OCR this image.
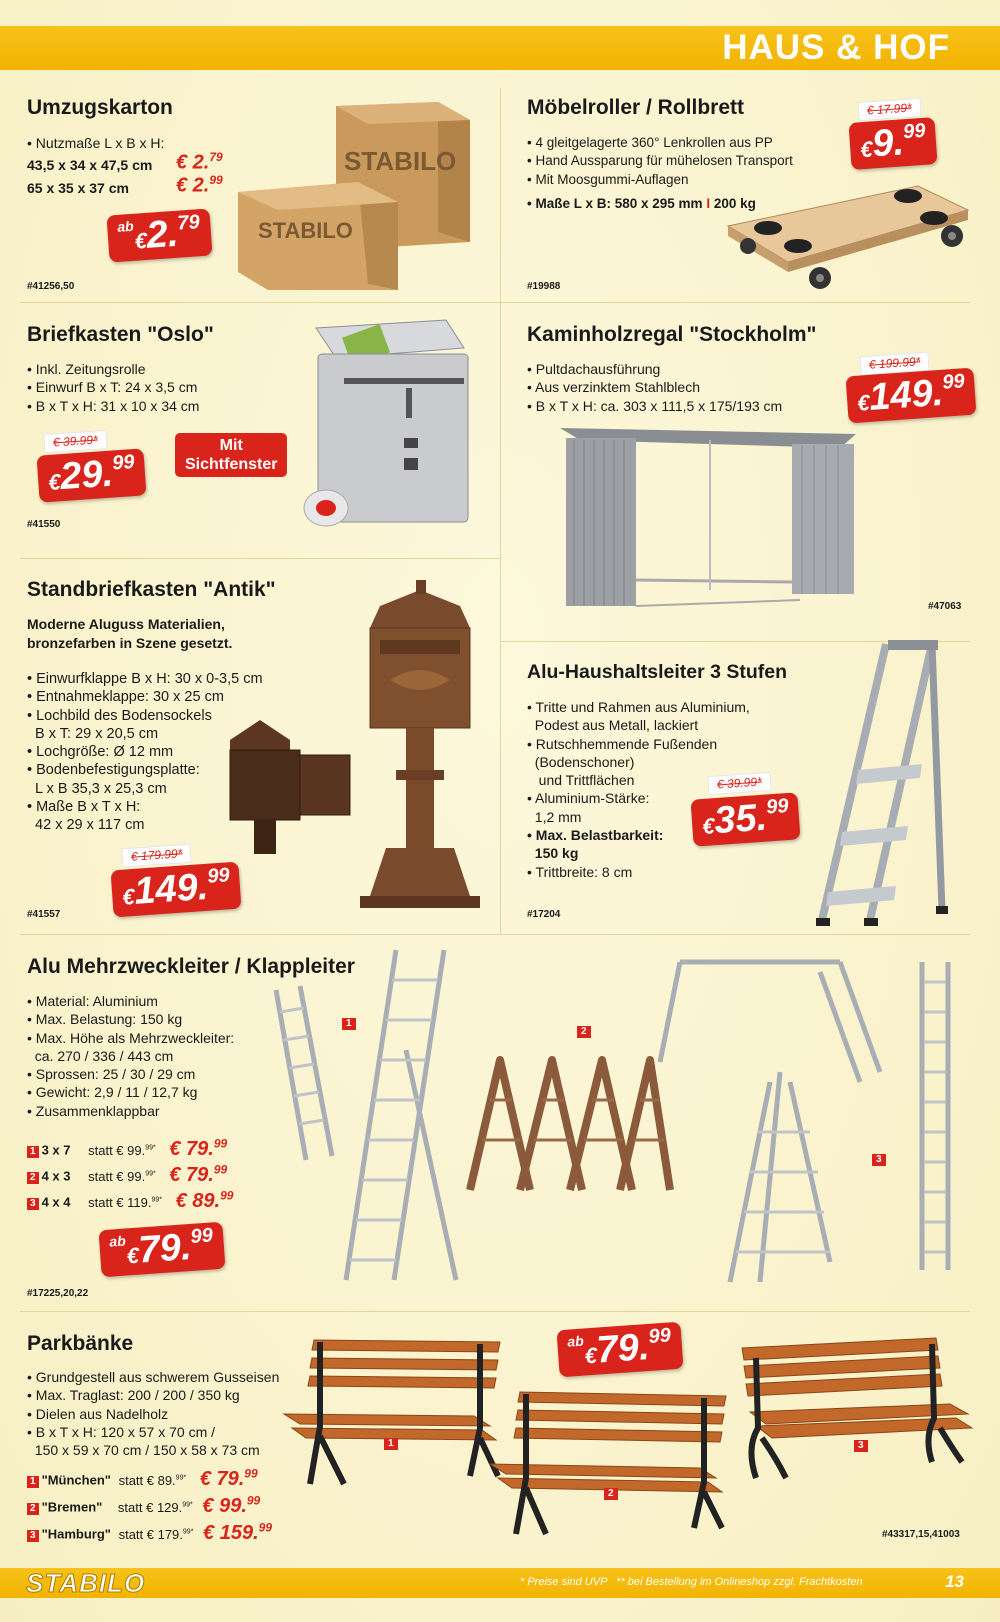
HAUS & HOF
Umzugskarton
• Nutzmaße L x B x H:
43,5 x 34 x 47,5 cm € 2.79
65 x 35 x 37 cm € 2.99
ab€2.79
STABILO
STABILO
#41256,50
Möbelroller / Rollbrett
• 4 gleitgelagerte 360° Lenkrollen aus PP
• Hand Aussparung für mühelosen Transport
• Mit Moosgummi-Auflagen
• Maße L x B: 580 x 295 mm I 200 kg
€ 17.99*
€9.99
#19988
Briefkasten "Oslo"
• Inkl. Zeitungsrolle
• Einwurf B x T: 24 x 3,5 cm
• B x T x H: 31 x 10 x 34 cm
€ 39.99*
€29.99
Mit
Sichtfenster
#41550
Kaminholzregal "Stockholm"
• Pultdachausführung
• Aus verzinktem Stahlblech
• B x T x H: ca. 303 x 111,5 x 175/193 cm
€ 199.99*
€149.99
#47063
Standbriefkasten "Antik"
Moderne Aluguss Materialien,
bronzefarben in Szene gesetzt.
• Einwurfklappe B x H: 30 x 0-3,5 cm
• Entnahmeklappe: 30 x 25 cm
• Lochbild des Bodensockels
B x T: 29 x 20,5 cm
• Lochgröße: Ø 12 mm
• Bodenbefestigungsplatte:
L x B 35,3 x 25,3 cm
• Maße B x T x H:
42 x 29 x 117 cm
€ 179.99*
€149.99
#41557
Alu-Haushaltsleiter 3 Stufen
• Tritte und Rahmen aus Aluminium,
Podest aus Metall, lackiert
• Rutschhemmende Fußenden
(Bodenschoner)
und Trittflächen
• Aluminium-Stärke:
1,2 mm
• Max. Belastbarkeit:
150 kg
• Trittbreite: 8 cm
€ 39.99*
€35.99
#17204
Alu Mehrzweckleiter / Klappleiter
• Material: Aluminium
• Max. Belastung: 150 kg
• Max. Höhe als Mehrzweckleiter:
ca. 270 / 336 / 443 cm
• Sprossen: 25 / 30 / 29 cm
• Gewicht: 2,9 / 11 / 12,7 kg
• Zusammenklappbar
1 3 x 7 statt € 99.$^{99*}$ € 79.99
2 4 x 3 statt € 99.$^{99*}$ € 79.99
3 4 x 4 statt € 119.$^{99*}$ € 89.99
ab€79.99
1
2
3
#17225,20,22
Parkbänke
• Grundgestell aus schwerem Gusseisen
• Max. Traglast: 200 / 200 / 350 kg
• Dielen aus Nadelholz
• B x T x H: 120 x 57 x 70 cm /
150 x 59 x 70 cm / 150 x 58 x 73 cm
1 "München" statt € 89.$^{99*}$ € 79.99
2 "Bremen" statt € 129.$^{99*}$ € 99.99
3 "Hamburg" statt € 179.$^{99*}$ € 159.99
ab€79.99
1
2
3
#43317,15,41003
STABILO	* Preise sind UVP   ** bei Bestellung im Onlineshop zzgl. Frachtkosten	13
